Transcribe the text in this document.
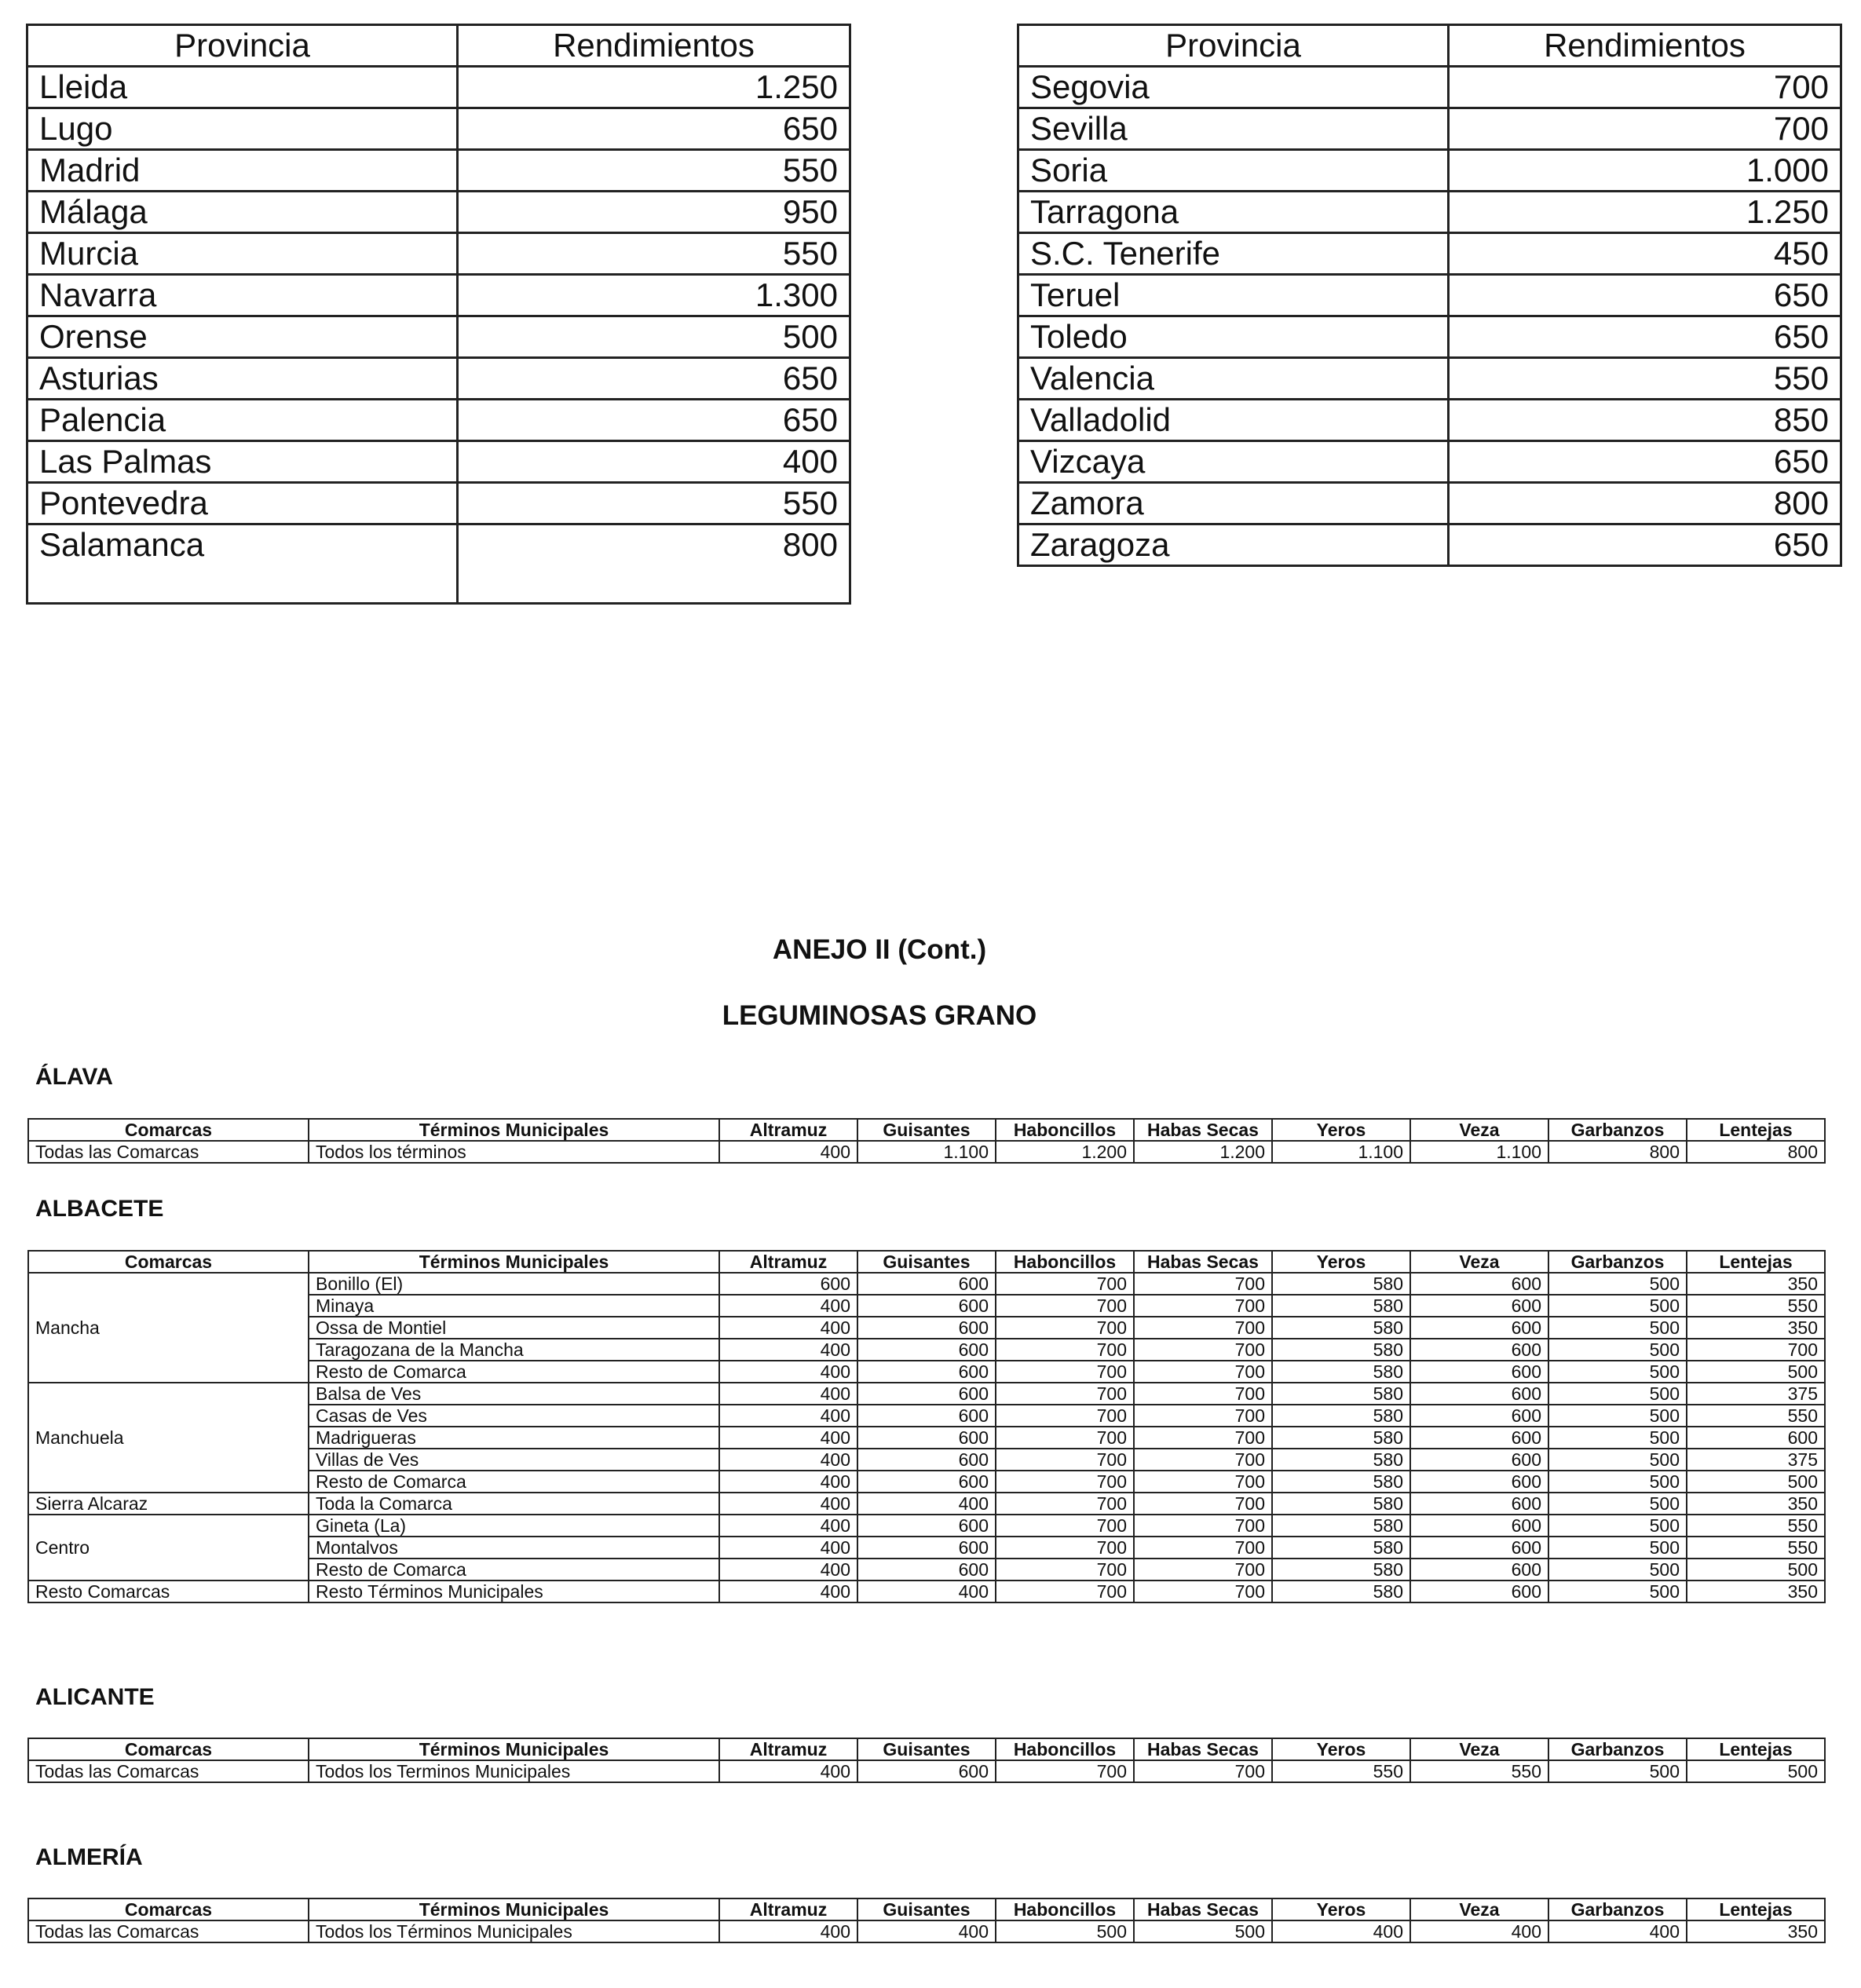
Provincia	Rendimientos
Lleida	1.250
Lugo	650
Madrid	550
Málaga	950
Murcia	550
Navarra	1.300
Orense	500
Asturias	650
Palencia	650
Las Palmas	400
Pontevedra	550
Salamanca	800
Provincia	Rendimientos
Segovia	700
Sevilla	700
Soria	1.000
Tarragona	1.250
S.C. Tenerife	450
Teruel	650
Toledo	650
Valencia	550
Valladolid	850
Vizcaya	650
Zamora	800
Zaragoza	650
ANEJO II (Cont.)
LEGUMINOSAS GRANO
ÁLAVA
Comarcas	Términos Municipales	Altramuz	Guisantes	Haboncillos	Habas Secas	Yeros	Veza	Garbanzos	Lentejas
Todas las Comarcas	Todos los términos	400	1.100	1.200	1.200	1.100	1.100	800	800
ALBACETE
Comarcas	Términos Municipales	Altramuz	Guisantes	Haboncillos	Habas Secas	Yeros	Veza	Garbanzos	Lentejas
Mancha	Bonillo (El)	600	600	700	700	580	600	500	350
	Minaya	400	600	700	700	580	600	500	550
	Ossa de Montiel	400	600	700	700	580	600	500	350
	Taragozana de la Mancha	400	600	700	700	580	600	500	700
	Resto de Comarca	400	600	700	700	580	600	500	500
Manchuela	Balsa de Ves	400	600	700	700	580	600	500	375
	Casas de Ves	400	600	700	700	580	600	500	550
	Madrigueras	400	600	700	700	580	600	500	600
	Villas de Ves	400	600	700	700	580	600	500	375
	Resto de Comarca	400	600	700	700	580	600	500	500
Sierra Alcaraz	Toda la Comarca	400	400	700	700	580	600	500	350
Centro	Gineta (La)	400	600	700	700	580	600	500	550
	Montalvos	400	600	700	700	580	600	500	550
	Resto de Comarca	400	600	700	700	580	600	500	500
Resto Comarcas	Resto Términos Municipales	400	400	700	700	580	600	500	350
ALICANTE
Comarcas	Términos Municipales	Altramuz	Guisantes	Haboncillos	Habas Secas	Yeros	Veza	Garbanzos	Lentejas
Todas las Comarcas	Todos los Terminos Municipales	400	600	700	700	550	550	500	500
ALMERÍA
Comarcas	Términos Municipales	Altramuz	Guisantes	Haboncillos	Habas Secas	Yeros	Veza	Garbanzos	Lentejas
Todas las Comarcas	Todos los Términos Municipales	400	400	500	500	400	400	400	350
